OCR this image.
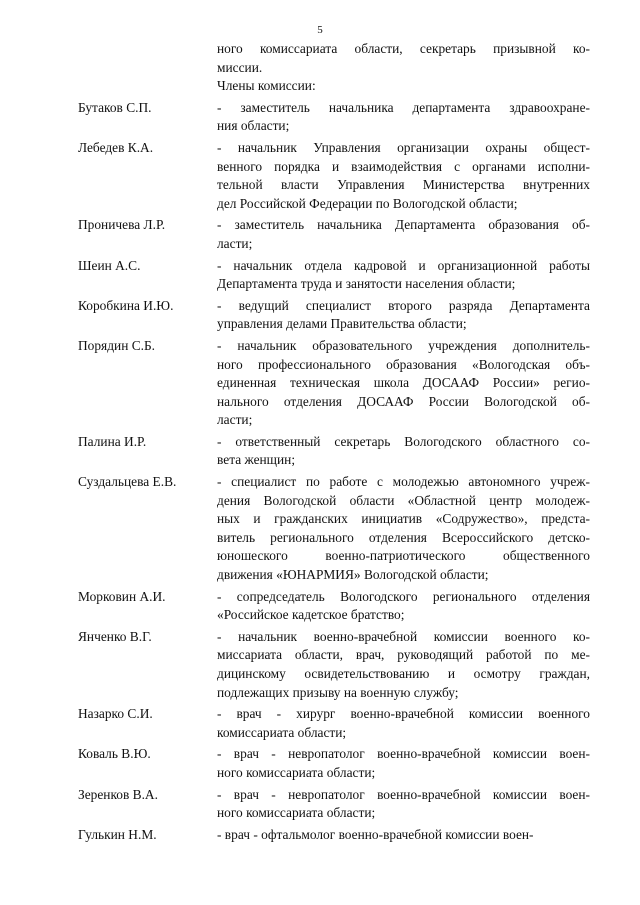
5
ного комиссариата области, секретарь призывной ко-
миссии.
Члены комиссии:
Бутаков С.П.	- заместитель начальника департамента здравоохране-
ния области;
Лебедев К.А.	- начальник Управления организации охраны общест-
венного порядка и взаимодействия с органами исполни-
тельной власти Управления Министерства внутренних
дел Российской Федерации по Вологодской области;
Проничева Л.Р.	- заместитель начальника Департамента образования об-
ласти;
Шеин А.С.	- начальник отдела кадровой и организационной работы
Департамента труда и занятости населения области;
Коробкина И.Ю.	- ведущий специалист второго разряда Департамента
управления делами Правительства области;
Порядин С.Б.	- начальник образовательного учреждения дополнитель-
ного профессионального образования «Вологодская объ-
единенная техническая школа ДОСААФ России» регио-
нального отделения ДОСААФ России Вологодской об-
ласти;
Палина И.Р.	- ответственный секретарь Вологодского областного со-
вета женщин;
Суздальцева Е.В.	- специалист по работе с молодежью автономного учреж-
дения Вологодской области «Областной центр молодеж-
ных и гражданских инициатив «Содружество», предста-
витель регионального отделения Всероссийского детско-
юношеского военно-патриотического общественного
движения «ЮНАРМИЯ» Вологодской области;
Морковин А.И.	- сопредседатель Вологодского регионального отделения
«Российское кадетское братство;
Янченко В.Г.	- начальник военно-врачебной комиссии военного ко-
миссариата области, врач, руководящий работой по ме-
дицинскому освидетельствованию и осмотру граждан,
подлежащих призыву на военную службу;
Назарко С.И.	- врач - хирург военно-врачебной комиссии военного
комиссариата области;
Коваль В.Ю.	- врач - невропатолог военно-врачебной комиссии воен-
ного комиссариата области;
Зеренков В.А.	- врач - невропатолог военно-врачебной комиссии воен-
ного комиссариата области;
Гулькин Н.М.	- врач - офтальмолог военно-врачебной комиссии воен-
